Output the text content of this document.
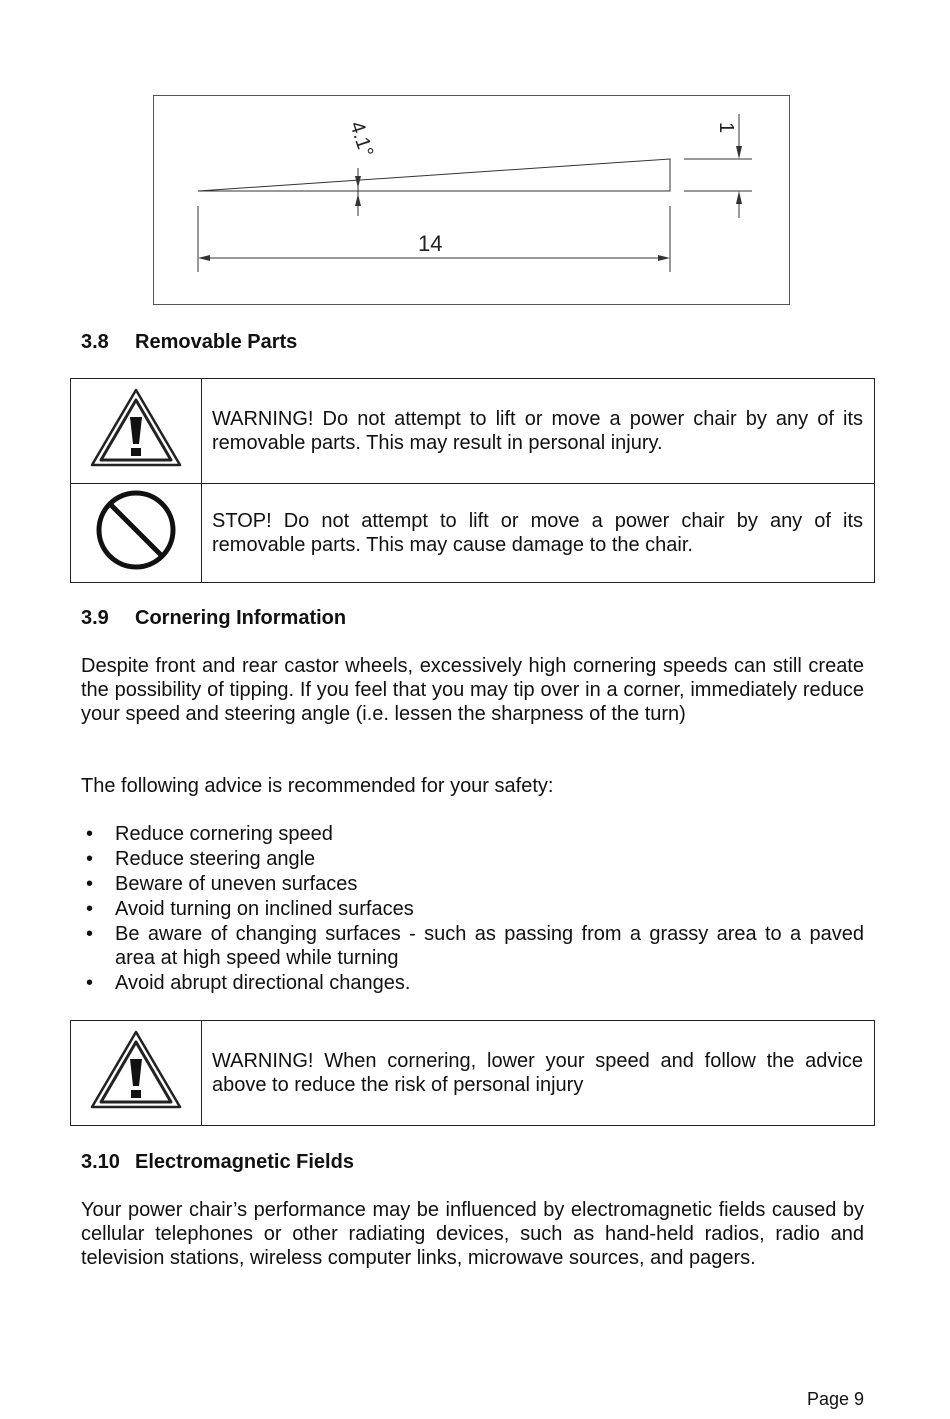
4.1°	1
14
3.8 Removable Parts
	WARNING! Do not attempt to lift or move a power chair by any of its removable parts. This may result in personal injury.
	STOP! Do not attempt to lift or move a power chair by any of its removable parts. This may cause damage to the chair.
3.9 Cornering Information
Despite front and rear castor wheels, excessively high cornering speeds can still create the possibility of tipping. If you feel that you may tip over in a corner, immediately reduce your speed and steering angle (i.e. lessen the sharpness of the turn)
The following advice is recommended for your safety:
• Reduce cornering speed
• Reduce steering angle
• Beware of uneven surfaces
• Avoid turning on inclined surfaces
• Be aware of changing surfaces - such as passing from a grassy area to a paved area at high speed while turning
• Avoid abrupt directional changes.
	WARNING! When cornering, lower your speed and follow the advice above to reduce the risk of personal injury
3.10 Electromagnetic Fields
Your power chair’s performance may be influenced by electromagnetic fields caused by cellular telephones or other radiating devices, such as hand-held radios, radio and television stations, wireless computer links, microwave sources, and pagers.
Page 9
